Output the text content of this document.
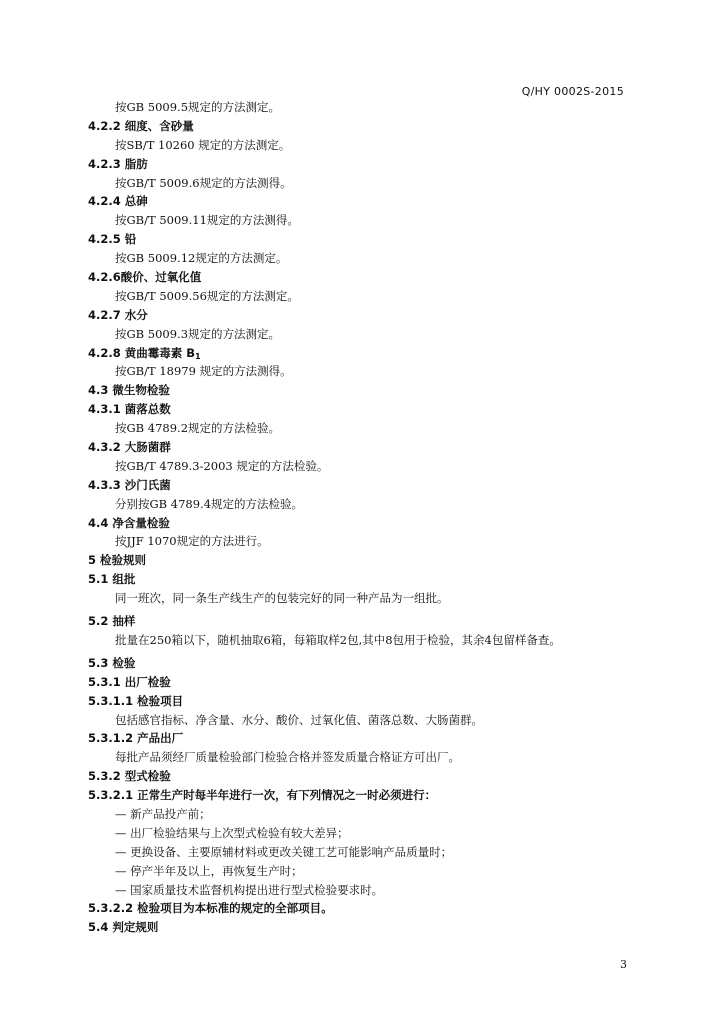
Q/HY 0002S-2015
按GB 5009.5规定的方法测定。
4.2.2 细度、含砂量
按SB/T 10260 规定的方法测定。
4.2.3 脂肪
按GB/T 5009.6规定的方法测得。
4.2.4 总砷
按GB/T 5009.11规定的方法测得。
4.2.5 铅
按GB 5009.12规定的方法测定。
4.2.6酸价、过氧化值
按GB/T 5009.56规定的方法测定。
4.2.7 水分
按GB 5009.3规定的方法测定。
4.2.8 黄曲霉毒素 $B_1$
按GB/T 18979 规定的方法测得。
4.3 微生物检验
4.3.1 菌落总数
按GB 4789.2规定的方法检验。
4.3.2 大肠菌群
按GB/T 4789.3-2003 规定的方法检验。
4.3.3 沙门氏菌
分别按GB 4789.4规定的方法检验。
4.4 净含量检验
按JJF 1070规定的方法进行。
5 检验规则
5.1 组批
同一班次，同一条生产线生产的包装完好的同一种产品为一组批。
5.2 抽样
批量在250箱以下，随机抽取6箱，每箱取样2包,其中8包用于检验，其余4包留样备查。
5.3 检验
5.3.1 出厂检验
5.3.1.1 检验项目
包括感官指标、净含量、水分、酸价、过氧化值、菌落总数、大肠菌群。
5.3.1.2 产品出厂
每批产品须经厂质量检验部门检验合格并签发质量合格证方可出厂。
5.3.2 型式检验
5.3.2.1 正常生产时每半年进行一次，有下列情况之一时必须进行：
— 新产品投产前；
— 出厂检验结果与上次型式检验有较大差异；
— 更换设备、主要原辅材料或更改关键工艺可能影响产品质量时；
— 停产半年及以上，再恢复生产时；
— 国家质量技术监督机构提出进行型式检验要求时。
5.3.2.2 检验项目为本标准的规定的全部项目。
5.4 判定规则
3
